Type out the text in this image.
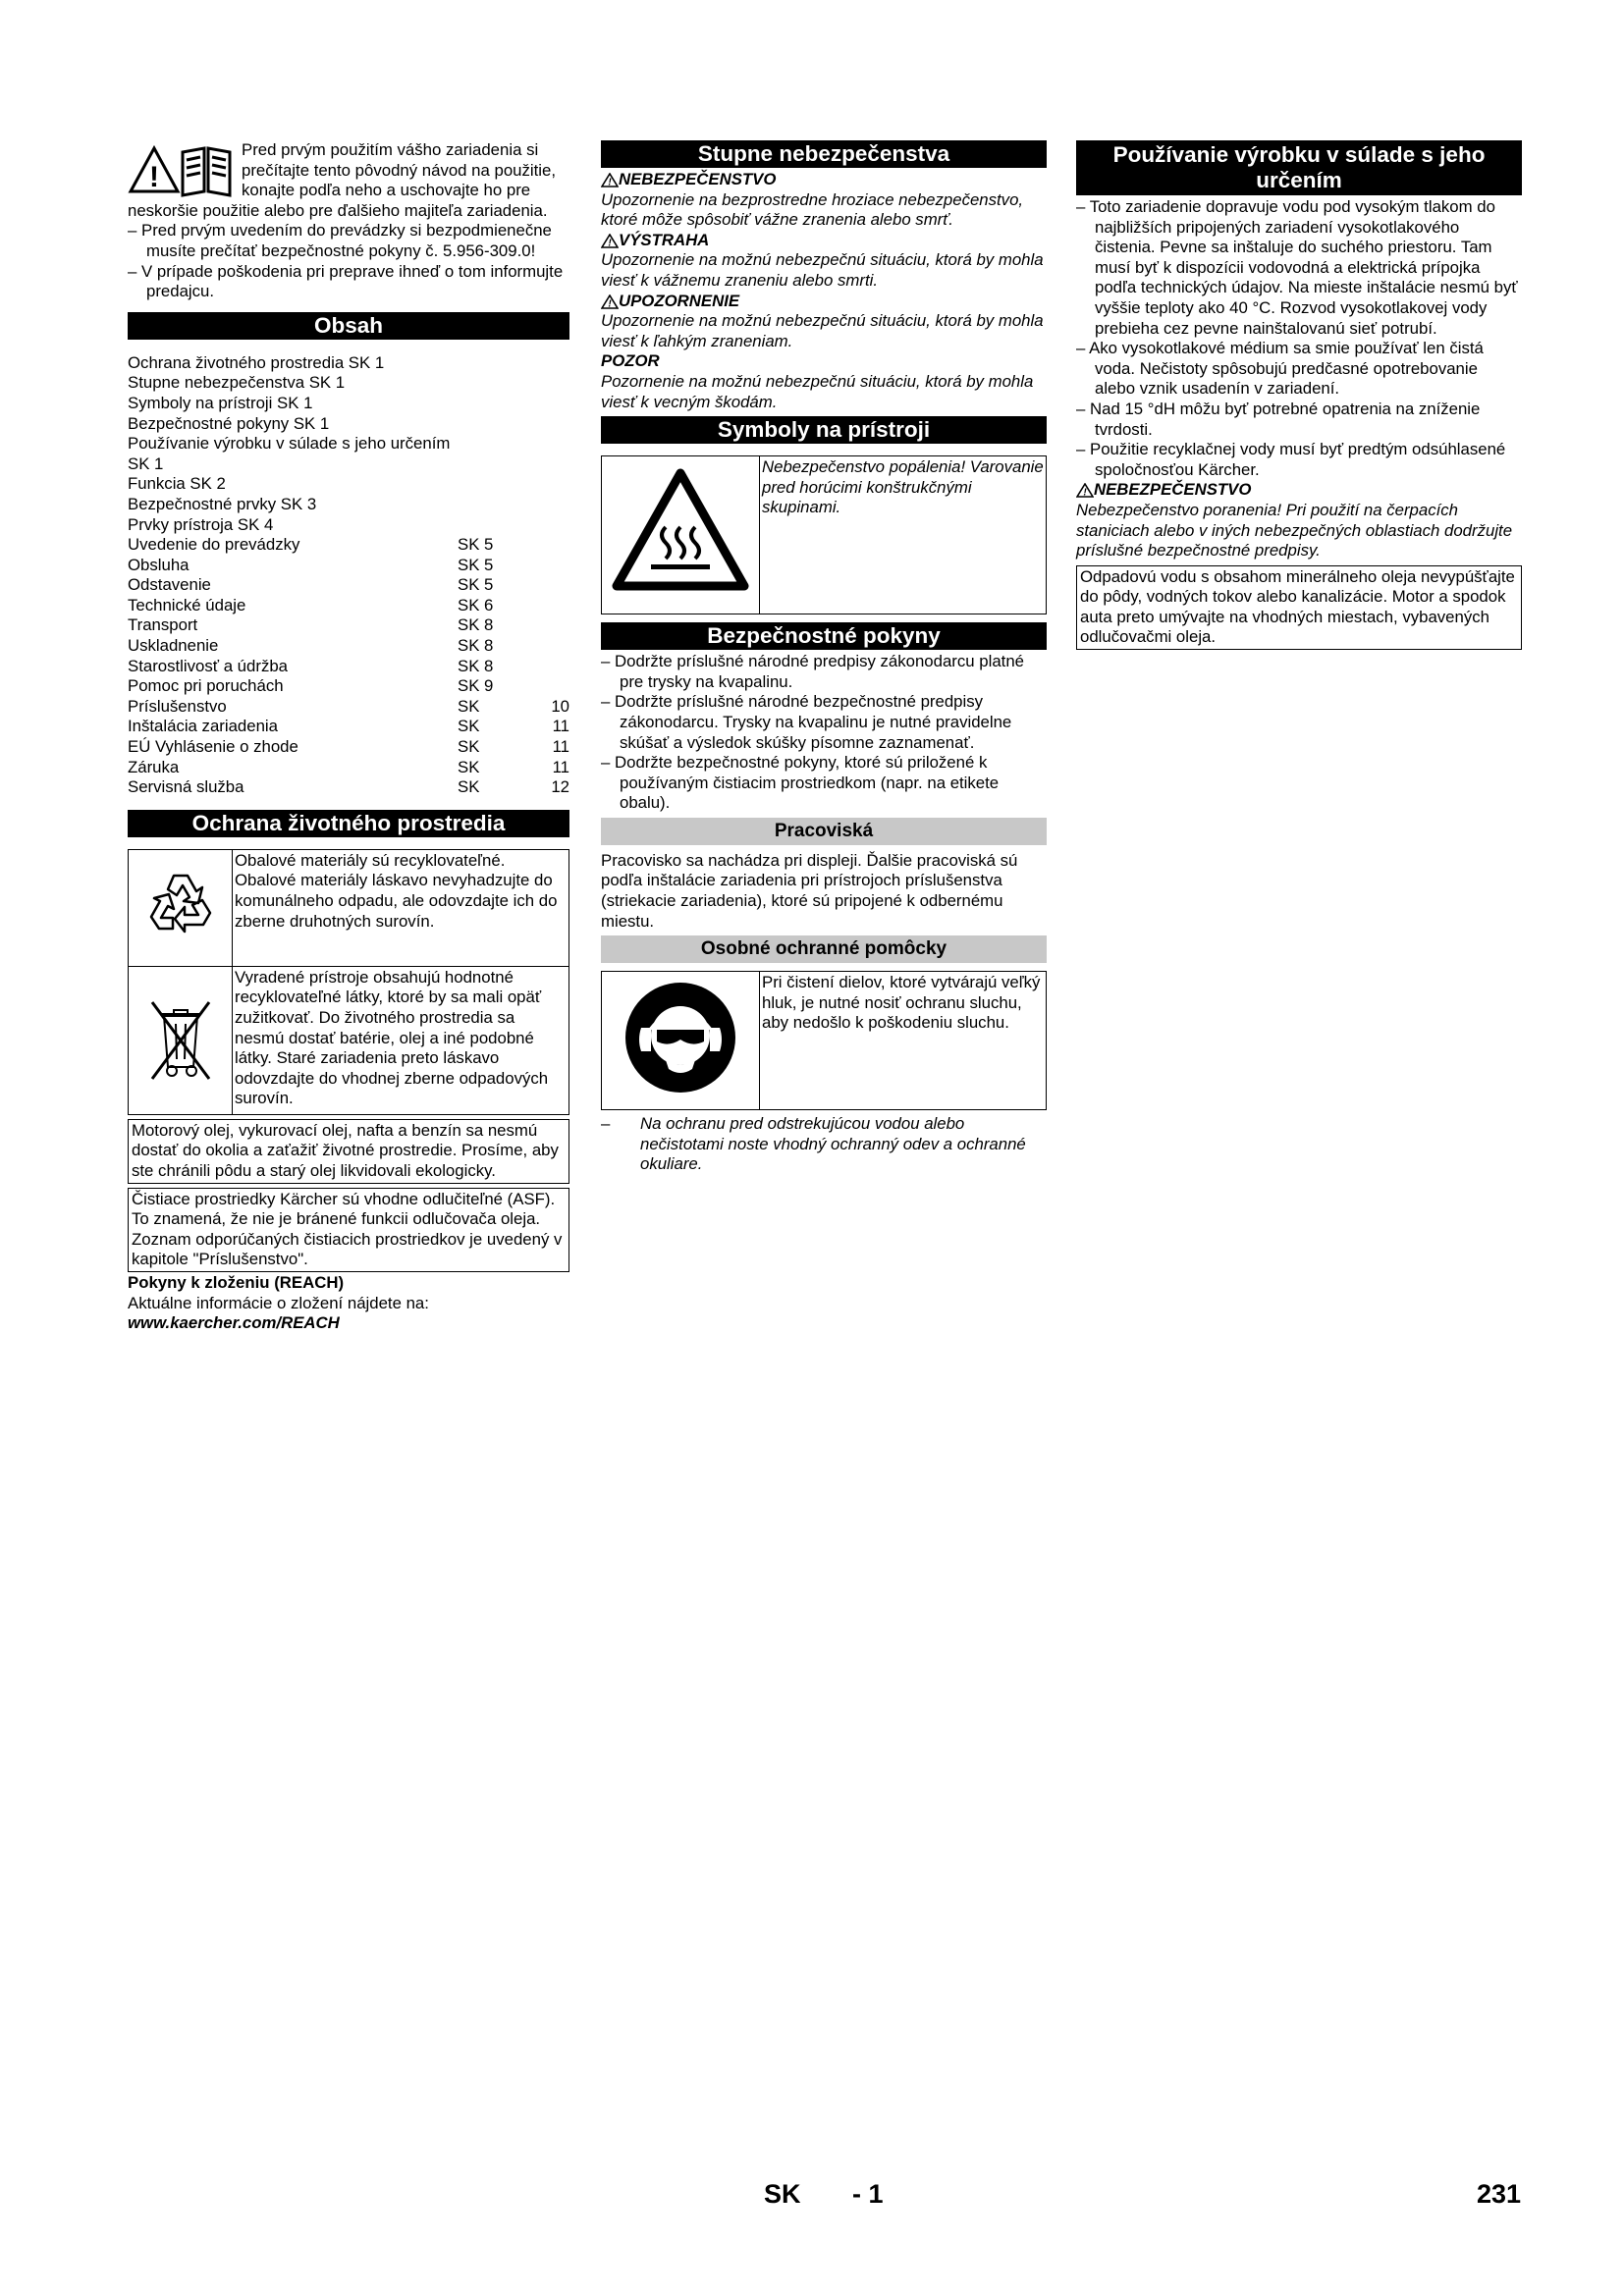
!

Pred prvým použitím vášho zariadenia si prečítajte tento pôvodný návod na použitie, konajte podľa neho a uschovajte ho pre neskoršie použitie alebo pre ďalšieho majiteľa zariadenia.

– Pred prvým uvedením do prevádzky si bezpodmienečne musíte prečítať bezpečnostné pokyny č. 5.956-309.0!

– V prípade poškodenia pri preprave ihneď o tom informujte predajcu.

Obsah
Ochrana životného prostredia SK 1
Stupne nebezpečenstva SK 1
Symboly na prístroji SK 1
Bezpečnostné pokyny SK 1
Používanie výrobku v súlade s jeho určením SK 1
Funkcia SK 2
Bezpečnostné prvky SK 3
Prvky prístroja SK 4
Uvedenie do prevádzky	SK 5
Obsluha	SK 5
Odstavenie	SK 5
Technické údaje	SK 6
Transport	SK 8
Uskladnenie	SK 8
Starostlivosť a údržba	SK 8
Pomoc pri poruchách	SK 9
Príslušenstvo	SK	10
Inštalácia zariadenia	SK	11
EÚ Vyhlásenie o zhode	SK	11
Záruka	SK	11
Servisná služba	SK	12
Ochrana životného prostredia
	Obalové materiály sú recyklovateľné. Obalové materiály láskavo nevyhadzujte do komunálneho odpadu, ale odovzdajte ich do zberne druhotných surovín.
	Vyradené prístroje obsahujú hodnotné recyklovateľné látky, ktoré by sa mali opäť zužitkovať. Do životného prostredia sa nesmú dostať batérie, olej a iné podobné látky. Staré zariadenia preto láskavo odovzdajte do vhodnej zberne odpadových surovín.
Motorový olej, vykurovací olej, nafta a benzín sa nesmú dostať do okolia a zaťažiť životné prostredie. Prosíme, aby ste chránili pôdu a starý olej likvidovali ekologicky.
Čistiace prostriedky Kärcher sú vhodne odlučiteľné (ASF). To znamená, že nie je bránené funkcii odlučovača oleja. Zoznam odporúčaných čistiacich prostriedkov je uvedený v kapitole "Príslušenstvo".

Pokyny k zloženiu (REACH)

Aktuálne informácie o zložení nájdete na:

www.kaercher.com/REACH

Stupne nebezpečenstva

! NEBEZPEČENSTVO

Upozornenie na bezprostredne hroziace nebezpečenstvo, ktoré môže spôsobiť vážne zranenia alebo smrť.

! VÝSTRAHA

Upozornenie na možnú nebezpečnú situáciu, ktorá by mohla viesť k vážnemu zraneniu alebo smrti.

! UPOZORNENIE

Upozornenie na možnú nebezpečnú situáciu, ktorá by mohla viesť k ľahkým zraneniam.

POZOR

Pozornenie na možnú nebezpečnú situáciu, ktorá by mohla viesť k vecným škodám.

Symboly na prístroji
	Nebezpečenstvo popálenia! Varovanie pred horúcimi konštrukčnými skupinami.
Bezpečnostné pokyny

– Dodržte príslušné národné predpisy zákonodarcu platné pre trysky na kvapalinu.

– Dodržte príslušné národné bezpečnostné predpisy zákonodarcu. Trysky na kvapalinu je nutné pravidelne skúšať a výsledok skúšky písomne zaznamenať.

– Dodržte bezpečnostné pokyny, ktoré sú priložené k používaným čistiacim prostriedkom (napr. na etikete obalu).

Pracoviská

Pracovisko sa nachádza pri displeji. Ďalšie pracoviská sú podľa inštalácie zariadenia pri prístrojoch príslušenstva (striekacie zariadenia), ktoré sú pripojené k odbernému miestu.

Osobné ochranné pomôcky
	Pri čistení dielov, ktoré vytvárajú veľký hluk, je nutné nosiť ochranu sluchu, aby nedošlo k poškodeniu sluchu.

– Na ochranu pred odstrekujúcou vodou alebo nečistotami noste vhodný ochranný odev a ochranné okuliare.

Používanie výrobku v súlade s jeho určením

– Toto zariadenie dopravuje vodu pod vysokým tlakom do najbližších pripojených zariadení vysokotlakového čistenia. Pevne sa inštaluje do suchého priestoru. Tam musí byť k dispozícii vodovodná a elektrická prípojka podľa technických údajov. Na mieste inštalácie nesmú byť vyššie teploty ako 40 °C. Rozvod vysokotlakovej vody prebieha cez pevne nainštalovanú sieť potrubí.

– Ako vysokotlakové médium sa smie používať len čistá voda. Nečistoty spôsobujú predčasné opotrebovanie alebo vznik usadenín v zariadení.

– Nad 15 °dH môžu byť potrebné opatrenia na zníženie tvrdosti.

– Použitie recyklačnej vody musí byť predtým odsúhlasené spoločnosťou Kärcher.

! NEBEZPEČENSTVO

Nebezpečenstvo poranenia! Pri použití na čerpacích staniciach alebo v iných nebezpečných oblastiach dodržujte príslušné bezpečnostné predpisy.

Odpadovú vodu s obsahom minerálneho oleja nevypúšťajte do pôdy, vodných tokov alebo kanalizácie. Motor a spodok auta preto umývajte na vhodných miestach, vybavených odlučovačmi oleja.
SK - 1	231
